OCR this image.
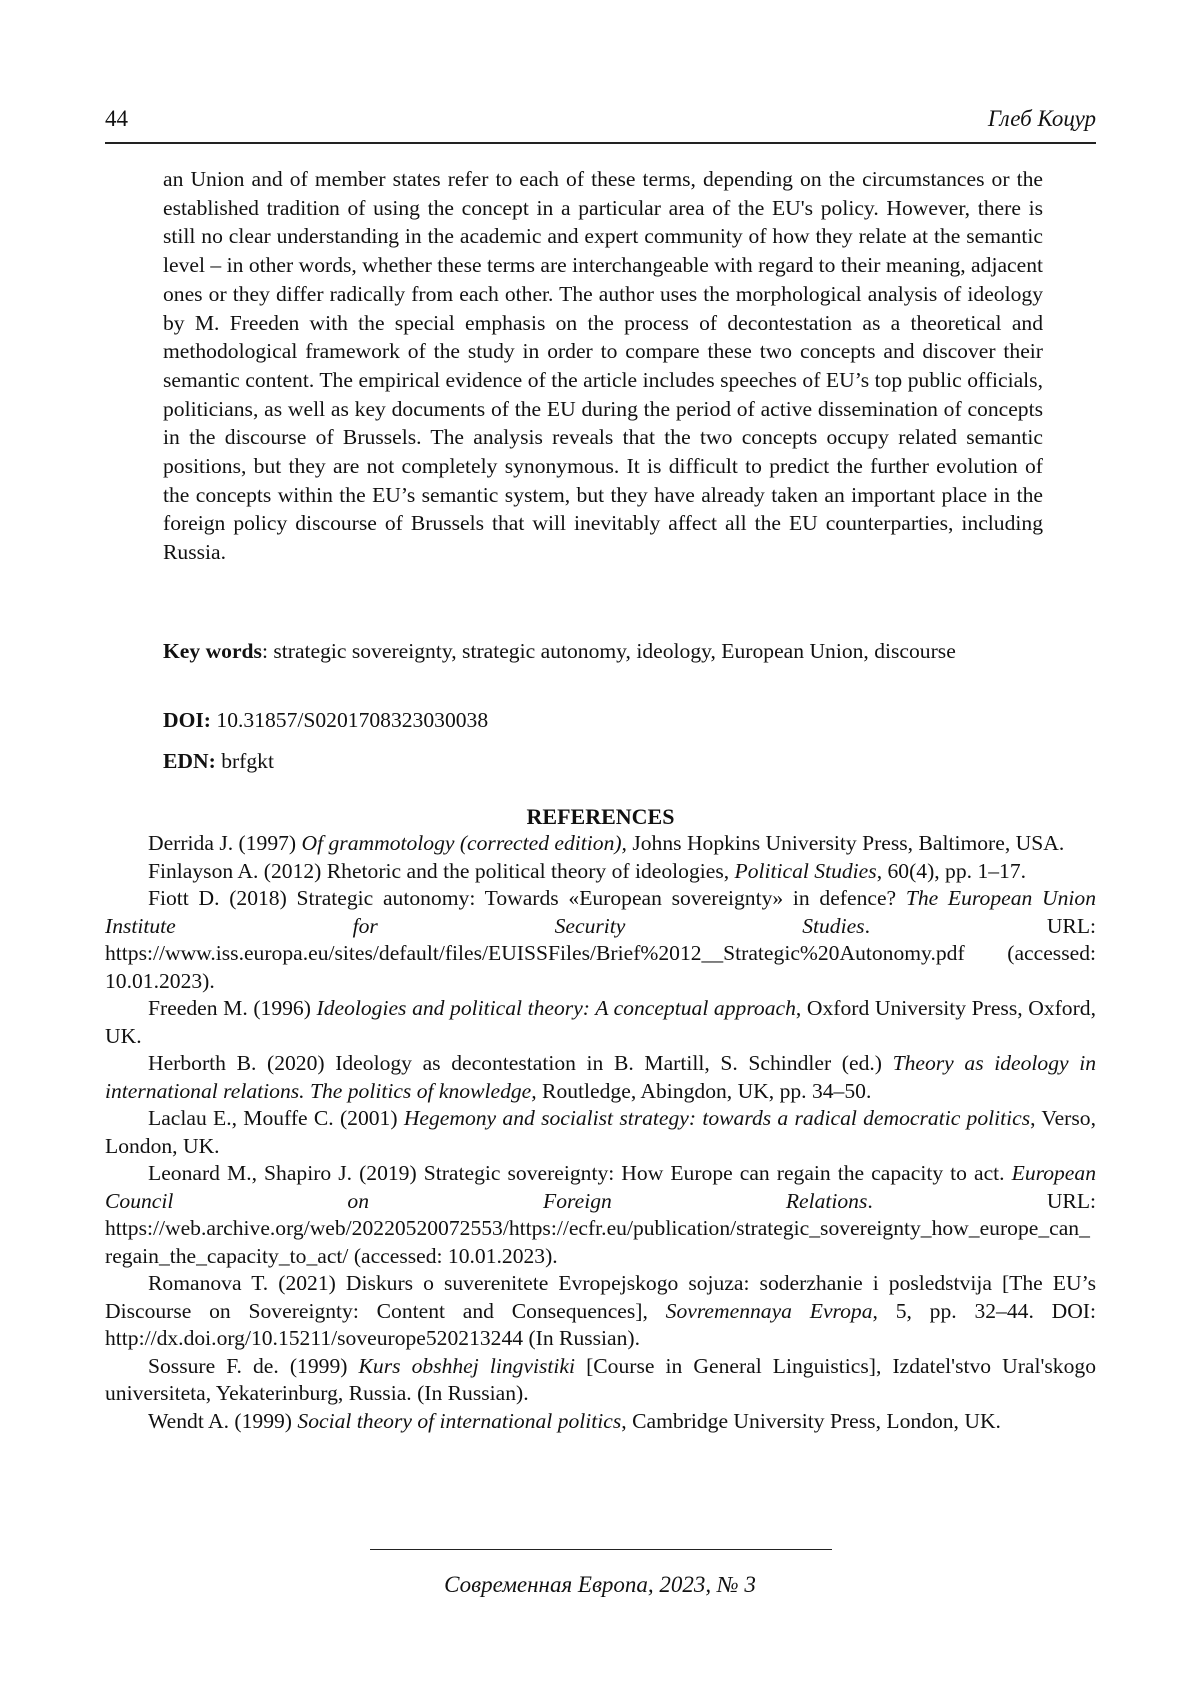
44	Глеб Коцур

an Union and of member states refer to each of these terms, depending on the circumstances or the established tradition of using the concept in a particular area of the EU's policy. However, there is still no clear understanding in the academic and expert community of how they relate at the semantic level – in other words, whether these terms are interchangeable with regard to their meaning, adjacent ones or they differ radically from each other. The author uses the morphological analysis of ideology by M. Freeden with the special emphasis on the process of decontestation as a theoretical and methodological framework of the study in order to compare these two concepts and discover their semantic content. The empirical evidence of the article includes speeches of EU’s top public officials, politicians, as well as key documents of the EU during the period of active dissemination of concepts in the discourse of Brussels. The analysis reveals that the two concepts occupy related semantic positions, but they are not completely synonymous. It is difficult to predict the further evolution of the concepts within the EU’s semantic system, but they have already taken an important place in the foreign policy discourse of Brussels that will inevitably affect all the EU counterparties, including Russia.

Key words: strategic sovereignty, strategic autonomy, ideology, European Union, discourse

DOI: 10.31857/S0201708323030038

EDN: brfgkt

REFERENCES

Derrida J. (1997) Of grammotology (corrected edition), Johns Hopkins University Press, Baltimore, USA.

Finlayson A. (2012) Rhetoric and the political theory of ideologies, Political Studies, 60(4), pp. 1–17.

Fiott D. (2018) Strategic autonomy: Towards «European sovereignty» in defence? The European Union Institute for Security Studies. URL: https://www.iss.europa.eu/sites/default/files/EUISSFiles/Brief%2012__Strategic%20Autonomy.pdf (accessed: 10.01.2023).

Freeden M. (1996) Ideologies and political theory: A conceptual approach, Oxford University Press, Oxford, UK.

Herborth B. (2020) Ideology as decontestation in B. Martill, S. Schindler (ed.) Theory as ideology in international relations. The politics of knowledge, Routledge, Abingdon, UK, pp. 34–50.

Laclau E., Mouffe C. (2001) Hegemony and socialist strategy: towards a radical democratic politics, Verso, London, UK.

Leonard M., Shapiro J. (2019) Strategic sovereignty: How Europe can regain the capacity to act. European Council on Foreign Relations. URL: https://web.archive.org/web/20220520072553/https://ecfr.eu/publication/strategic_sovereignty_how_europe_can_regain_the_capacity_to_act/ (accessed: 10.01.2023).

Romanova T. (2021) Diskurs o suverenitete Evropejskogo sojuza: soderzhanie i posledstvija [The EU’s Discourse on Sovereignty: Content and Consequences], Sovremennaya Evropa, 5, pp. 32–44. DOI: http://dx.doi.org/10.15211/soveurope520213244 (In Russian).

Sossure F. de. (1999) Kurs obshhej lingvistiki [Course in General Linguistics], Izdatel'stvo Ural'skogo universiteta, Yekaterinburg, Russia. (In Russian).

Wendt A. (1999) Social theory of international politics, Cambridge University Press, London, UK.

Современная Европа, 2023, № 3
